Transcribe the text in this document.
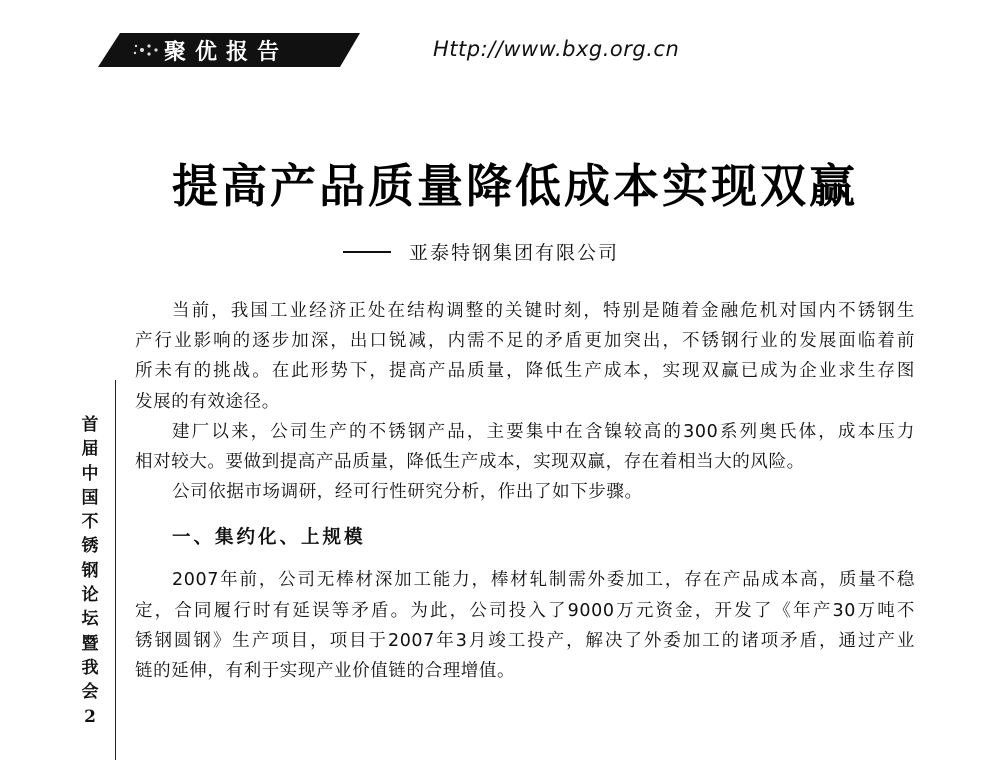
聚优报告	Http://www.bxg.org.cn
提高产品质量降低成本实现双赢
亚泰特钢集团有限公司
首
届
中
国
不
锈
钢
论
坛
暨
我
会
2
当前，我国工业经济正处在结构调整的关键时刻，特别是随着金融危机对国内不锈钢生
产行业影响的逐步加深，出口锐减，内需不足的矛盾更加突出，不锈钢行业的发展面临着前
所未有的挑战。在此形势下，提高产品质量，降低生产成本，实现双赢已成为企业求生存图
发展的有效途径。
建厂以来，公司生产的不锈钢产品，主要集中在含镍较高的300系列奥氏体，成本压力
相对较大。要做到提高产品质量，降低生产成本，实现双赢，存在着相当大的风险。
公司依据市场调研，经可行性研究分析，作出了如下步骤。
一、集约化、上规模
2007年前，公司无棒材深加工能力，棒材轧制需外委加工，存在产品成本高，质量不稳
定，合同履行时有延误等矛盾。为此，公司投入了9000万元资金，开发了《年产30万吨不
锈钢圆钢》生产项目，项目于2007年3月竣工投产，解决了外委加工的诸项矛盾，通过产业
链的延伸，有利于实现产业价值链的合理增值。
